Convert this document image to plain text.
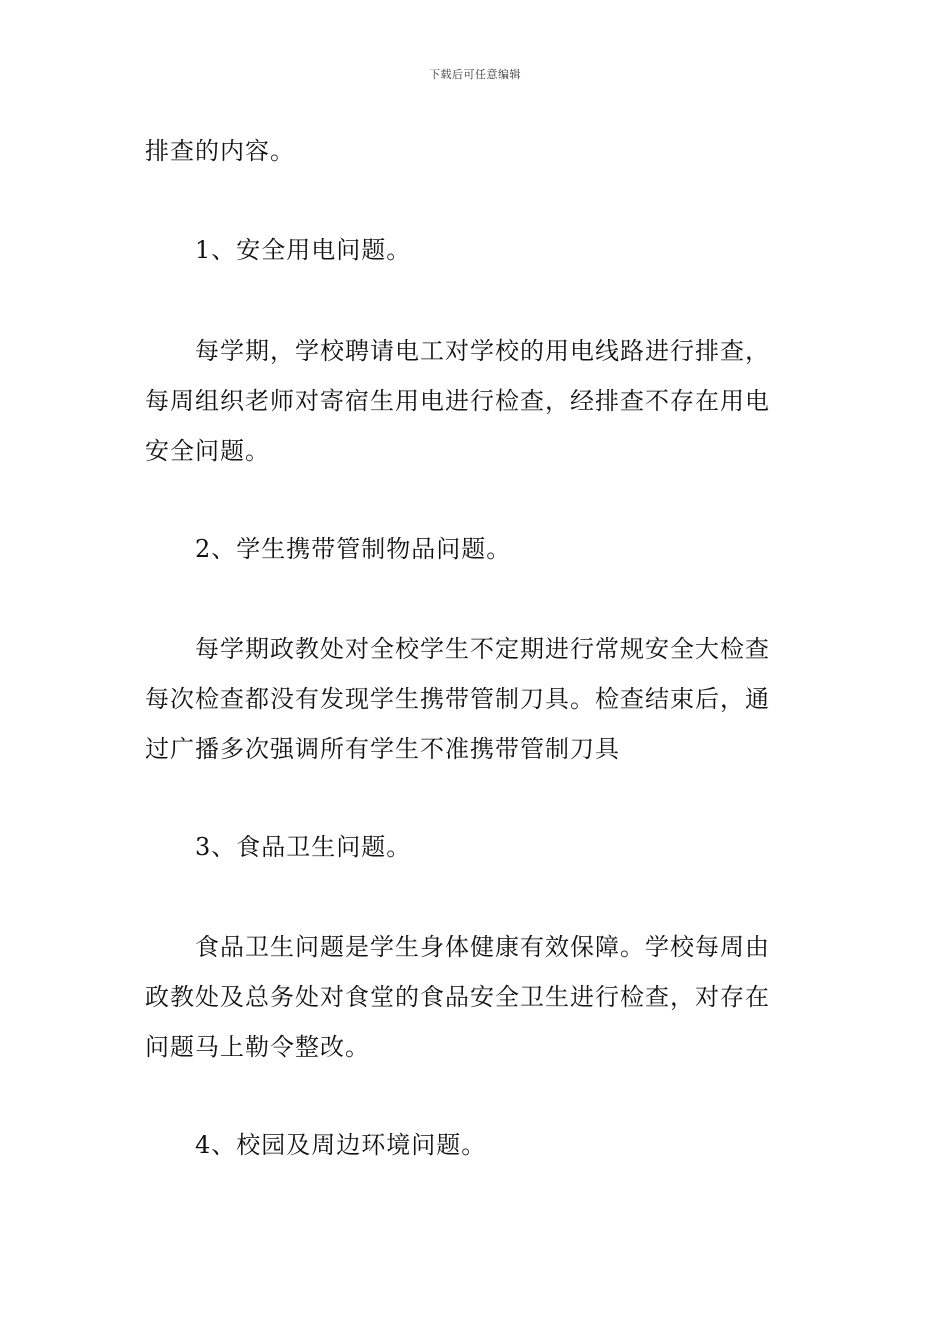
下载后可任意编辑
排查的内容。
1、安全用电问题。
每学期，学校聘请电工对学校的用电线路进行排查，
每周组织老师对寄宿生用电进行检查，经排查不存在用电
安全问题。
2、学生携带管制物品问题。
每学期政教处对全校学生不定期进行常规安全大检查
每次检查都没有发现学生携带管制刀具。检查结束后，通
过广播多次强调所有学生不准携带管制刀具
3、食品卫生问题。
食品卫生问题是学生身体健康有效保障。学校每周由
政教处及总务处对食堂的食品安全卫生进行检查，对存在
问题马上勒令整改。
4、校园及周边环境问题。
